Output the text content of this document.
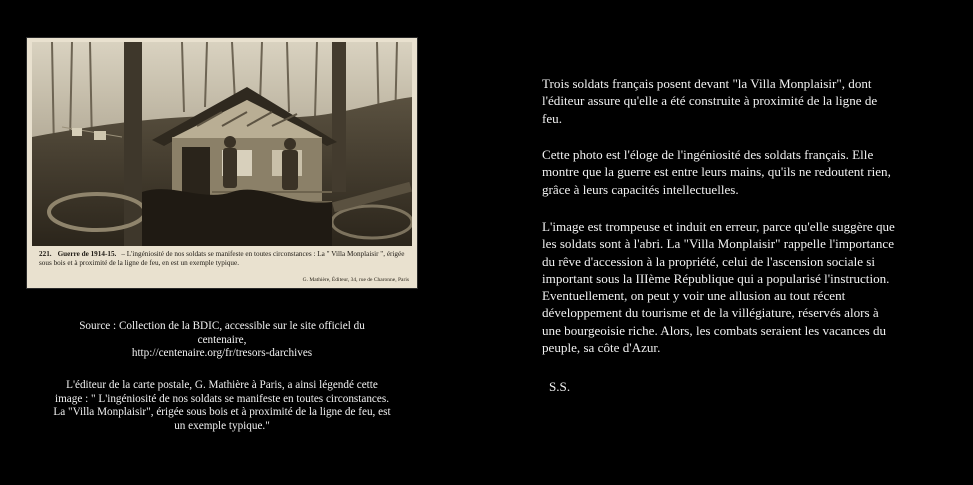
221. Guerre de 1914-15. – L'ingéniosité de nos soldats se manifeste en toutes circonstances : La " Villa Monplaisir ", érigée sous bois et à proximité de la ligne de feu, en est un exemple typique.
G. Mathière, Éditeur, 34, rue de Charonne, Paris
Source : Collection de la BDIC, accessible sur le site officiel du
centenaire,
http://centenaire.org/fr/tresors-darchives
L'éditeur de la carte postale, G. Mathière à Paris, a ainsi légendé cette
image : " L'ingéniosité de nos soldats se manifeste en toutes circonstances.
La "Villa Monplaisir", érigée sous bois et à proximité de la ligne de feu, est
un exemple typique."
Trois soldats français posent devant "la Villa Monplaisir", dont
l'éditeur assure qu'elle a été construite à proximité de la ligne de
feu.
Cette photo est l'éloge de l'ingéniosité des soldats français. Elle
montre que la guerre est entre leurs mains, qu'ils ne redoutent rien,
grâce à leurs capacités intellectuelles.
L'image est trompeuse et induit en erreur, parce qu'elle suggère que
les soldats sont à l'abri. La "Villa Monplaisir" rappelle l'importance
du rêve d'accession à la propriété, celui de l'ascension sociale si
important sous la IIIème République qui a popularisé l'instruction.
Eventuellement, on peut y voir une allusion au tout récent
développement du tourisme et de la villégiature, réservés alors à
une bourgeoisie riche. Alors, les combats seraient les vacances du
peuple, sa côte d'Azur.
S.S.
